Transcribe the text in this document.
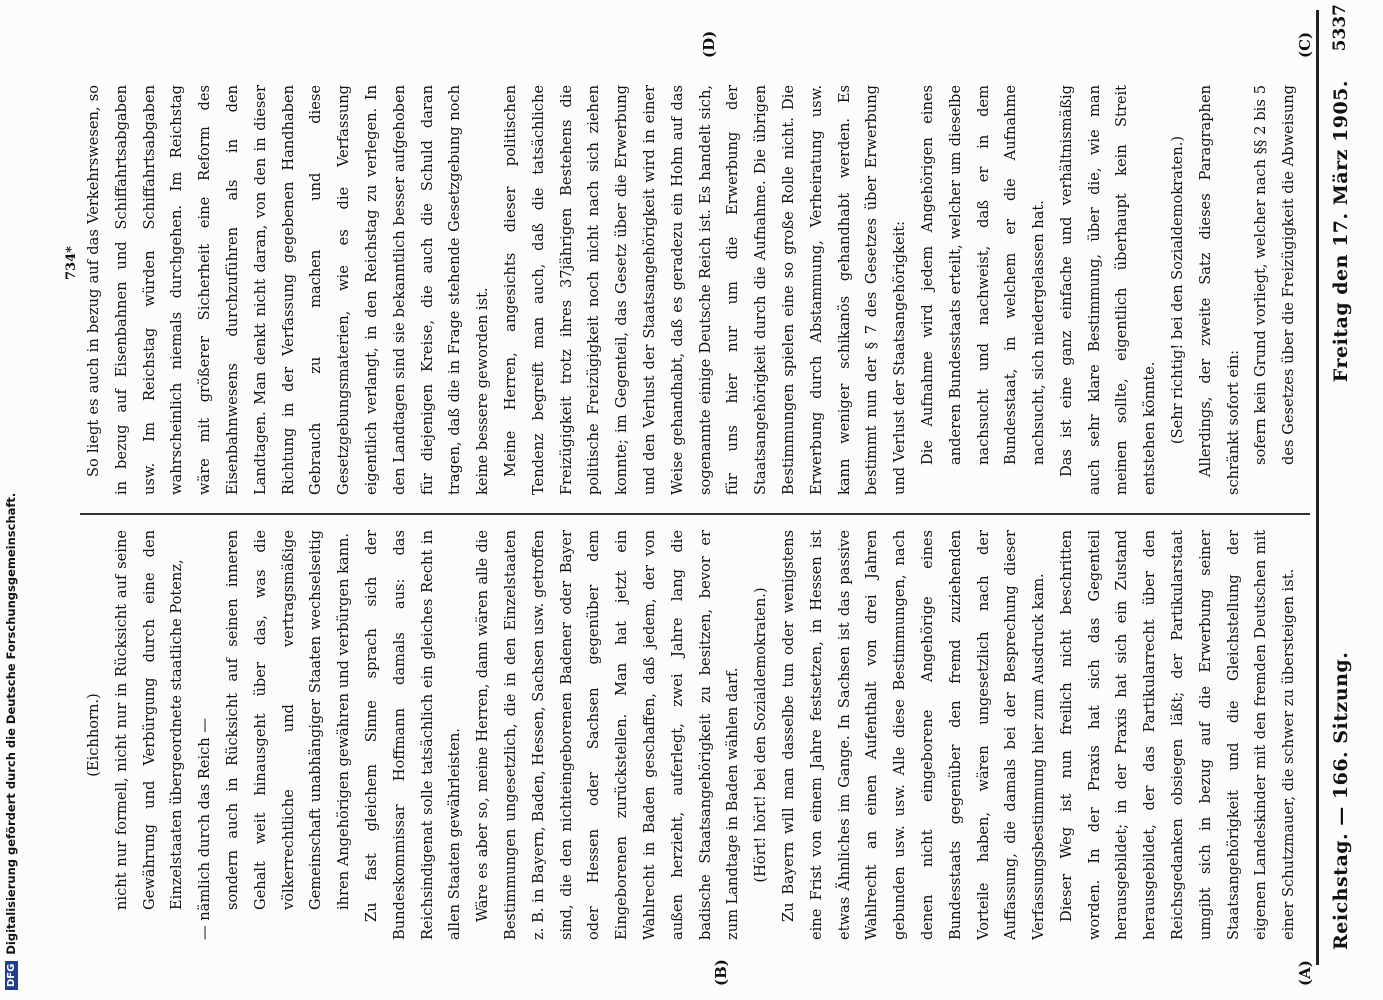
DFG
Digitalisierung gefördert durch die Deutsche Forschungsgemeinschaft.	Reichstag. — 166. Sitzung.
Freitag den 17. März 1905.
5337
(A)
(B)
(C)
(D)

(Eichhorn.) nicht nur formell, nicht nur in Rücksicht auf seine Gewährung und Verbürgung durch eine den Einzelstaaten übergeordnete staatliche Potenz, — nämlich durch das Reich — sondern auch in Rücksicht auf seinen inneren Gehalt weit hinausgeht über das, was die völkerrechtliche und vertragsmäßige Gemeinschaft unabhängiger Staaten wechselseitig ihren Angehörigen gewähren und verbürgen kann. Zu fast gleichem Sinne sprach sich der Bundeskommissar Hoffmann damals aus: das Reichsindigenat solle tatsächlich ein gleiches Recht in allen Staaten gewährleisten. Wäre es aber so, meine Herren, dann wären alle die Bestimmungen ungesetzlich, die in den Einzelstaaten z. B. in Bayern, Baden, Hessen, Sachsen usw. getroffen sind, die den nichteingeborenen Badener oder Bayer oder Hessen oder Sachsen gegenüber dem Eingeborenen zurückstellen. Man hat jetzt ein Wahlrecht in Baden geschaffen, daß jedem, der von außen herzieht, auferlegt, zwei Jahre lang die badische Staatsangehörigkeit zu besitzen, bevor er zum Landtage in Baden wählen darf. (Hört! hört! bei den Sozialdemokraten.) Zu Bayern will man dasselbe tun oder wenigstens eine Frist von einem Jahre festsetzen, in Hessen ist etwas Ähnliches im Gange. In Sachsen ist das passive Wahlrecht an einen Aufenthalt von drei Jahren gebunden usw. usw. Alle diese Bestimmungen, nach denen nicht eingeborene Angehörige eines Bundesstaats gegenüber den fremd zuziehenden Vorteile haben, wären ungesetzlich nach der Auffassung, die damals bei der Besprechung dieser Verfassungsbestimmung hier zum Ausdruck kam. Dieser Weg ist nun freilich nicht beschritten worden. In der Praxis hat sich das Gegenteil herausgebildet; in der Praxis hat sich ein Zustand herausgebildet, der das Partikularrecht über den Reichsgedanken obsiegen läßt; der Partikularstaat umgibt sich in bezug auf die Erwerbung seiner Staatsangehörigkeit und die Gleichstellung der eigenen Landeskinder mit den fremden Deutschen mit einer Schutzmauer, die schwer zu übersteigen ist.

So liegt es auch in bezug auf das Verkehrswesen, so in bezug auf Eisenbahnen und Schiffahrtsabgaben usw. Im Reichstag würden Schiffahrtsabgaben wahrscheinlich niemals durchgehen. Im Reichstag wäre mit größerer Sicherheit eine Reform des Eisenbahnwesens durchzuführen als in den Landtagen. Man denkt nicht daran, von den in dieser Richtung in der Verfassung gegebenen Handhaben Gebrauch zu machen und diese Gesetzgebungsmaterien, wie es die Verfassung eigentlich verlangt, in den Reichstag zu verlegen. In den Landtagen sind sie bekanntlich besser aufgehoben für diejenigen Kreise, die auch die Schuld daran tragen, daß die in Frage stehende Gesetzgebung noch keine bessere geworden ist. Meine Herren, angesichts dieser politischen Tendenz begreift man auch, daß die tatsächliche Freizügigkeit trotz ihres 37jährigen Bestehens die politische Freizügigkeit noch nicht nach sich ziehen konnte; im Gegenteil, das Gesetz über die Erwerbung und den Verlust der Staatsangehörigkeit wird in einer Weise gehandhabt, daß es geradezu ein Hohn auf das sogenannte einige Deutsche Reich ist. Es handelt sich, für uns hier nur um die Erwerbung der Staatsangehörigkeit durch die Aufnahme. Die übrigen Bestimmungen spielen eine so große Rolle nicht. Die Erwerbung durch Abstammung, Verheiratung usw. kann weniger schikanös gehandhabt werden. Es bestimmt nun der § 7 des Gesetzes über Erwerbung und Verlust der Staatsangehörigkeit: Die Aufnahme wird jedem Angehörigen eines anderen Bundesstaats erteilt, welcher um dieselbe nachsucht und nachweist, daß er in dem Bundesstaat, in welchem er die Aufnahme nachsucht, sich niedergelassen hat. Das ist eine ganz einfache und verhältnismäßig auch sehr klare Bestimmung, über die, wie man meinen sollte, eigentlich überhaupt kein Streit entstehen könnte. (Sehr richtig! bei den Sozialdemokraten.) Allerdings, der zweite Satz dieses Paragraphen schränkt sofort ein: sofern kein Grund vorliegt, welcher nach §§ 2 bis 5 des Gesetzes über die Freizügigkeit die Abweisung

734*
